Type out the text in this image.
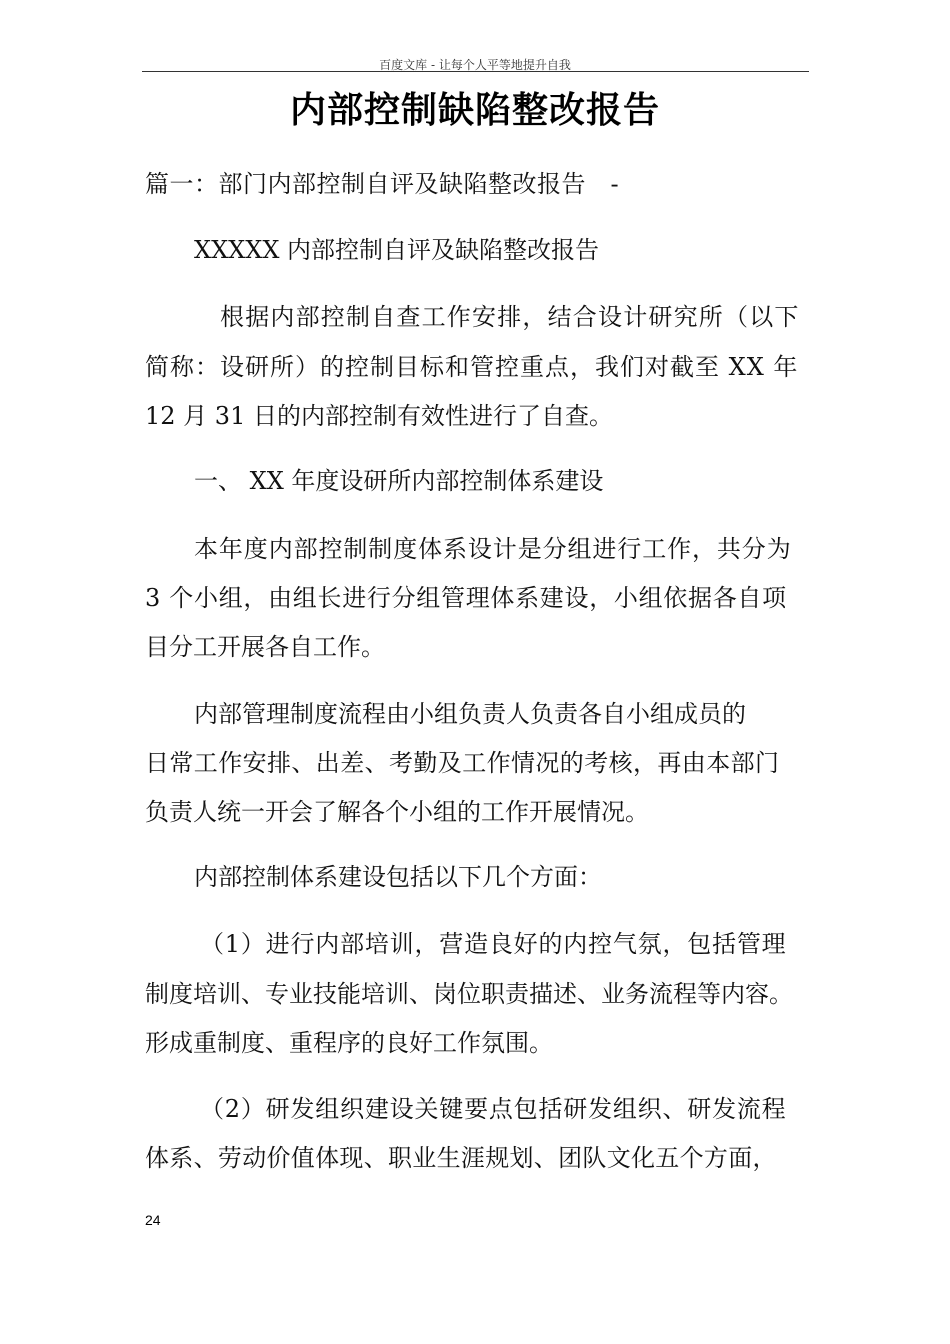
百度文库 - 让每个人平等地提升自我
内部控制缺陷整改报告
篇一：部门内部控制自评及缺陷整改报告　-
XXXXX 内部控制自评及缺陷整改报告
根据内部控制自查工作安排，结合设计研究所（以下
简称：设研所）的控制目标和管控重点，我们对截至 XX 年
12 月 31 日的内部控制有效性进行了自查。
一、 XX 年度设研所内部控制体系建设
本年度内部控制制度体系设计是分组进行工作，共分为
3 个小组，由组长进行分组管理体系建设，小组依据各自项
目分工开展各自工作。
内部管理制度流程由小组负责人负责各自小组成员的
日常工作安排、出差、考勤及工作情况的考核，再由本部门
负责人统一开会了解各个小组的工作开展情况。
内部控制体系建设包括以下几个方面：
（1）进行内部培训，营造良好的内控气氛，包括管理
制度培训、专业技能培训、岗位职责描述、业务流程等内容。
形成重制度、重程序的良好工作氛围。
（2）研发组织建设关键要点包括研发组织、研发流程
体系、劳动价值体现、职业生涯规划、团队文化五个方面，
24
